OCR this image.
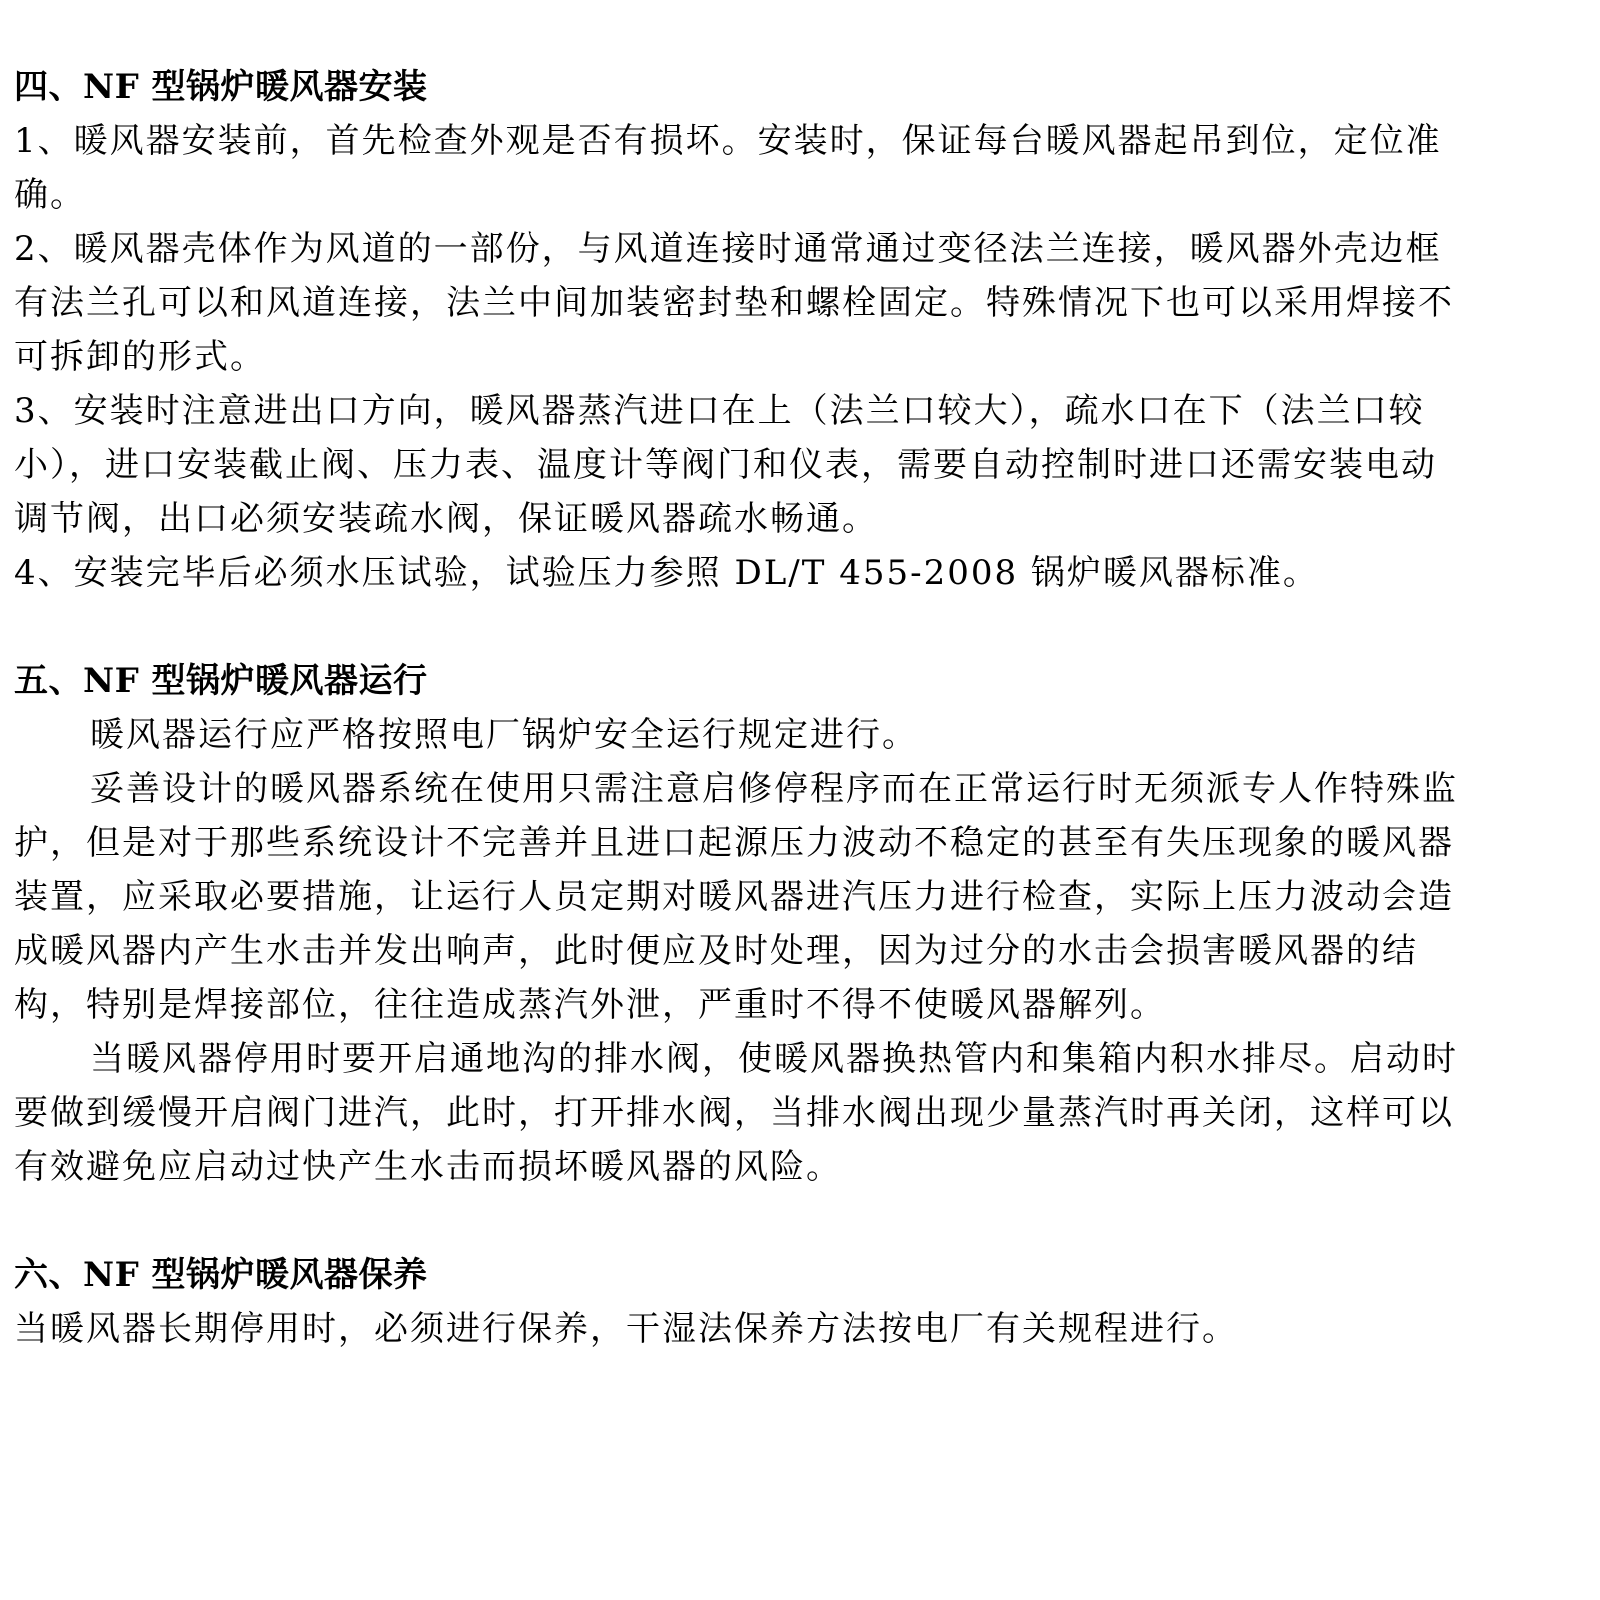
四、NF 型锅炉暖风器安装

1、暖风器安装前，首先检查外观是否有损坏。安装时，保证每台暖风器起吊到位，定位准确。

2、暖风器壳体作为风道的一部份，与风道连接时通常通过变径法兰连接，暖风器外壳边框有法兰孔可以和风道连接，法兰中间加装密封垫和螺栓固定。特殊情况下也可以采用焊接不可拆卸的形式。

3、安装时注意进出口方向，暖风器蒸汽进口在上（法兰口较大），疏水口在下（法兰口较小），进口安装截止阀、压力表、温度计等阀门和仪表，需要自动控制时进口还需安装电动调节阀，出口必须安装疏水阀，保证暖风器疏水畅通。

4、安装完毕后必须水压试验，试验压力参照 DL/T 455-2008 锅炉暖风器标准。

五、NF 型锅炉暖风器运行

暖风器运行应严格按照电厂锅炉安全运行规定进行。

妥善设计的暖风器系统在使用只需注意启修停程序而在正常运行时无须派专人作特殊监护，但是对于那些系统设计不完善并且进口起源压力波动不稳定的甚至有失压现象的暖风器装置，应采取必要措施，让运行人员定期对暖风器进汽压力进行检查，实际上压力波动会造成暖风器内产生水击并发出响声，此时便应及时处理，因为过分的水击会损害暖风器的结构，特别是焊接部位，往往造成蒸汽外泄，严重时不得不使暖风器解列。

当暖风器停用时要开启通地沟的排水阀，使暖风器换热管内和集箱内积水排尽。启动时要做到缓慢开启阀门进汽，此时，打开排水阀，当排水阀出现少量蒸汽时再关闭，这样可以有效避免应启动过快产生水击而损坏暖风器的风险。

六、NF 型锅炉暖风器保养

当暖风器长期停用时，必须进行保养，干湿法保养方法按电厂有关规程进行。
